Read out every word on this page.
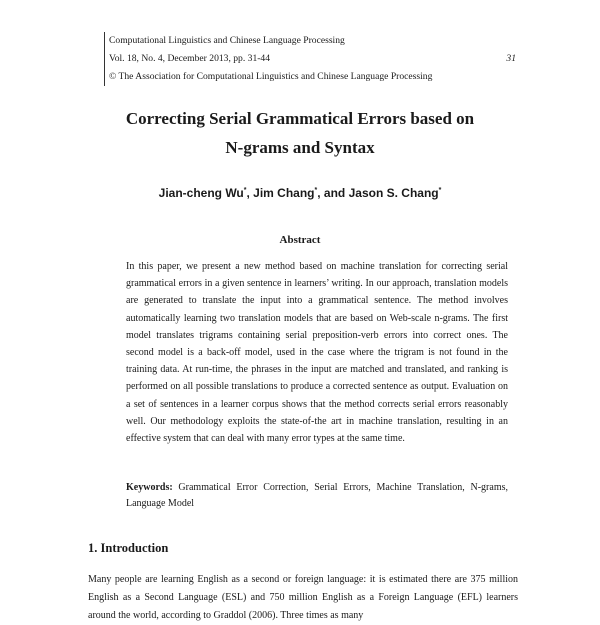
Computational Linguistics and Chinese Language Processing
Vol. 18, No. 4, December 2013, pp. 31-44	31
© The Association for Computational Linguistics and Chinese Language Processing
Correcting Serial Grammatical Errors based on
N-grams and Syntax
Jian-cheng Wu*, Jim Chang*, and Jason S. Chang*
Abstract
In this paper, we present a new method based on machine translation for correcting serial grammatical errors in a given sentence in learners’ writing. In our approach, translation models are generated to translate the input into a grammatical sentence. The method involves automatically learning two translation models that are based on Web-scale n-grams. The first model translates trigrams containing serial preposition-verb errors into correct ones. The second model is a back-off model, used in the case where the trigram is not found in the training data. At run-time, the phrases in the input are matched and translated, and ranking is performed on all possible translations to produce a corrected sentence as output. Evaluation on a set of sentences in a learner corpus shows that the method corrects serial errors reasonably well. Our methodology exploits the state-of-the art in machine translation, resulting in an effective system that can deal with many error types at the same time.
Keywords: Grammatical Error Correction, Serial Errors, Machine Translation, N-grams, Language Model
1. Introduction
Many people are learning English as a second or foreign language: it is estimated there are 375 million English as a Second Language (ESL) and 750 million English as a Foreign Language (EFL) learners around the world, according to Graddol (2006). Three times as many
